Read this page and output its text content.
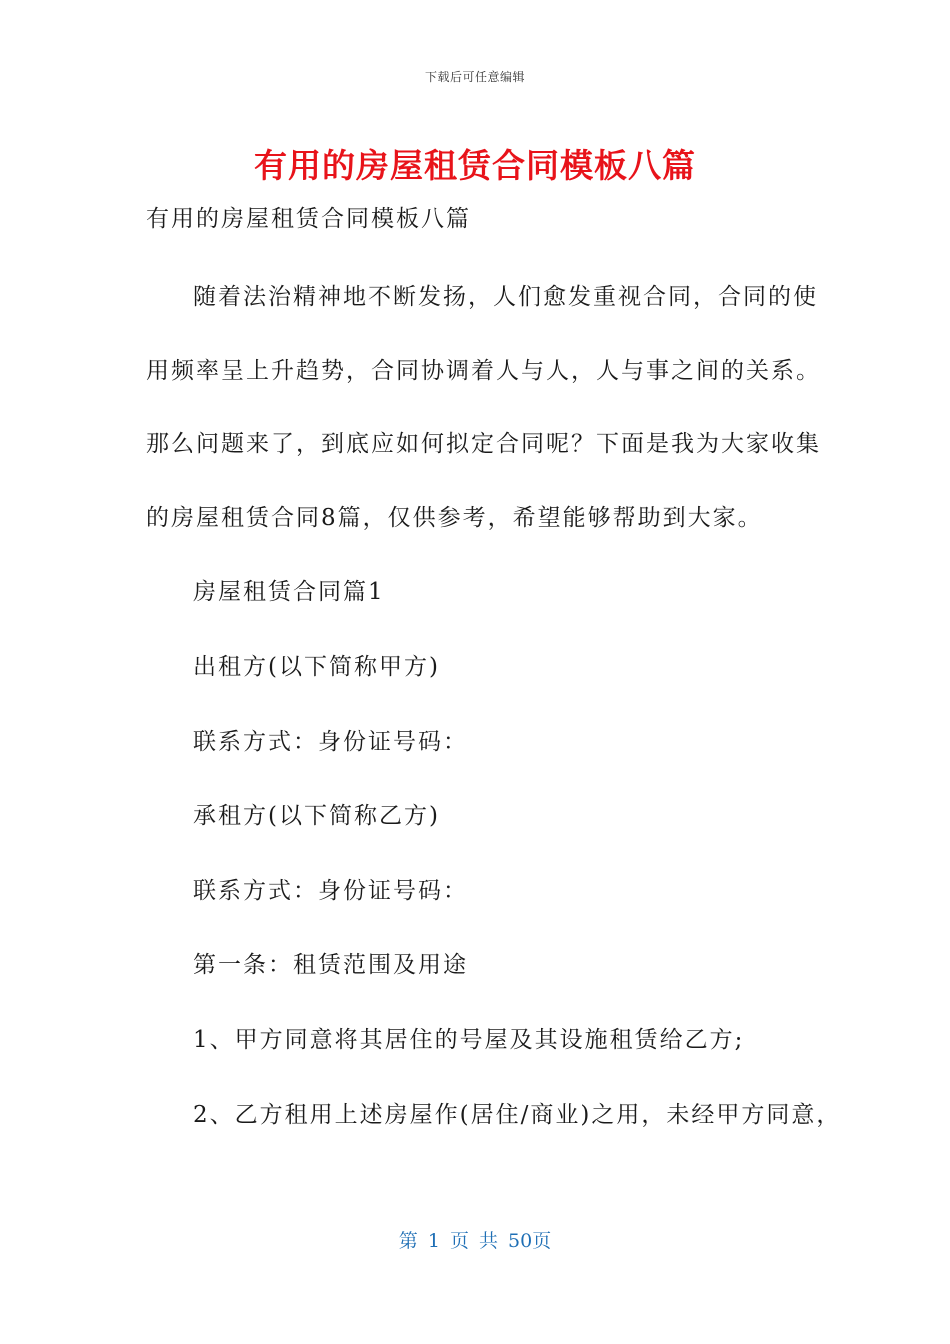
下载后可任意编辑
有用的房屋租赁合同模板八篇
有用的房屋租赁合同模板八篇
随着法治精神地不断发扬，人们愈发重视合同，合同的使
用频率呈上升趋势，合同协调着人与人，人与事之间的关系。
那么问题来了，到底应如何拟定合同呢？下面是我为大家收集
的房屋租赁合同8篇，仅供参考，希望能够帮助到大家。
房屋租赁合同篇1
出租方(以下简称甲方)
联系方式：身份证号码：
承租方(以下简称乙方)
联系方式：身份证号码：
第一条：租赁范围及用途
1、甲方同意将其居住的号屋及其设施租赁给乙方;
2、乙方租用上述房屋作(居住/商业)之用，未经甲方同意，
第 1 页 共 50页
